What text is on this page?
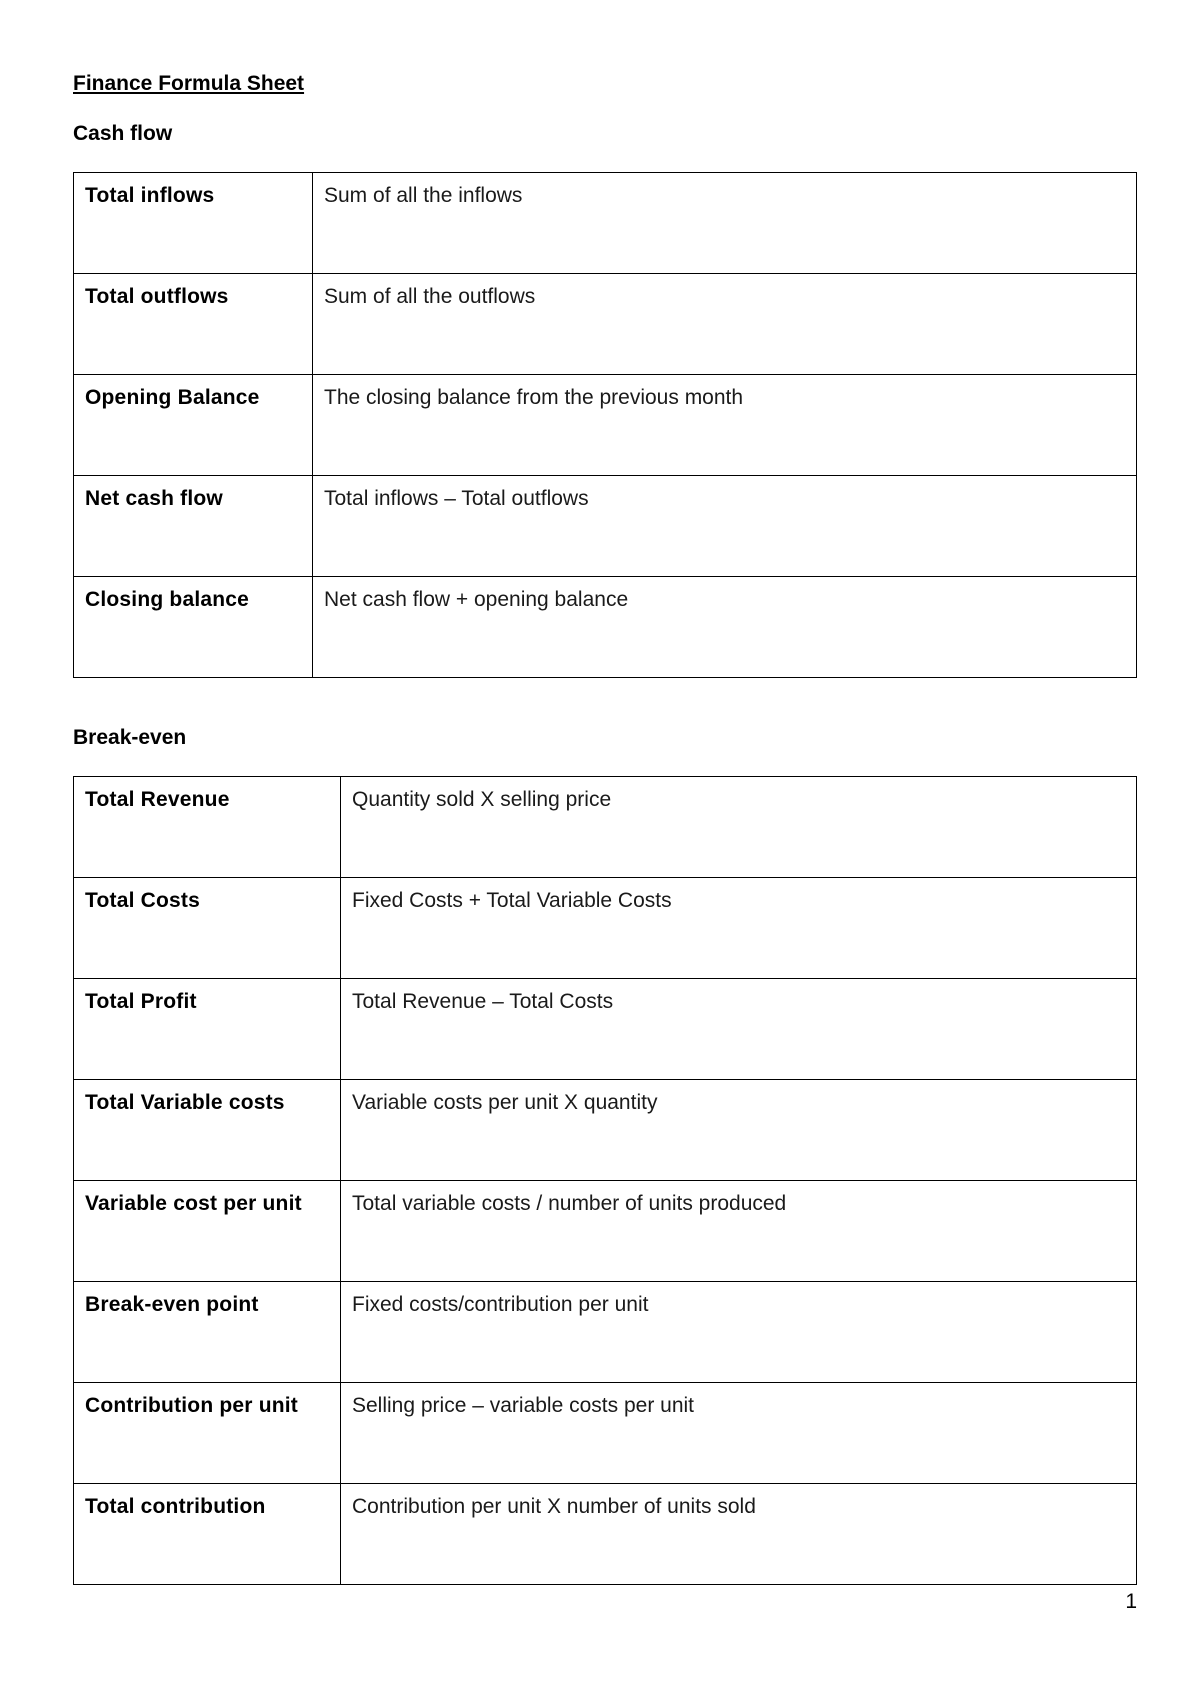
Finance Formula Sheet
Cash flow
Total inflows	Sum of all the inflows
Total outflows	Sum of all the outflows
Opening Balance	The closing balance from the previous month
Net cash flow	Total inflows – Total outflows
Closing balance	Net cash flow + opening balance
Break-even
Total Revenue	Quantity sold X selling price
Total Costs	Fixed Costs + Total Variable Costs
Total Profit	Total Revenue – Total Costs
Total Variable costs	Variable costs per unit X quantity
Variable cost per unit	Total variable costs / number of units produced
Break-even point	Fixed costs/contribution per unit
Contribution per unit	Selling price – variable costs per unit
Total contribution	Contribution per unit X number of units sold
1
